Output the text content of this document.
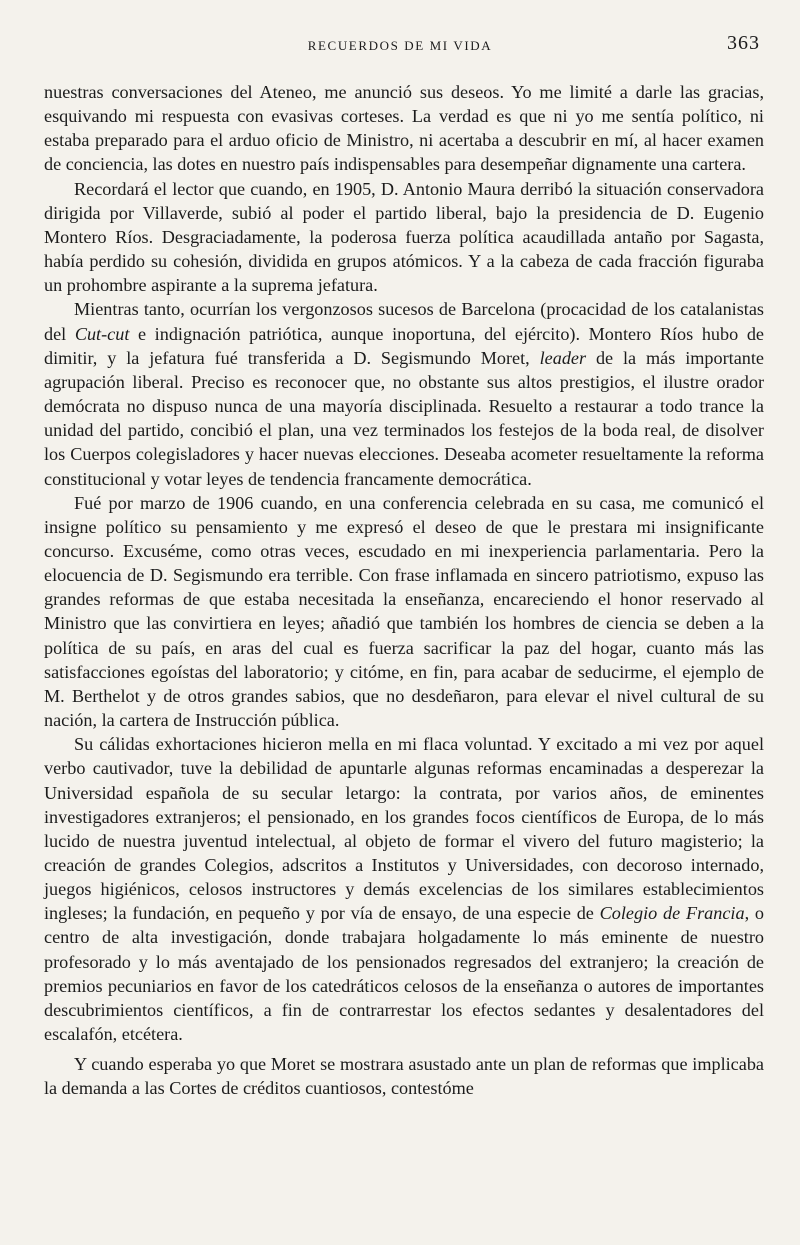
RECUERDOS DE MI VIDA	363

nuestras conversaciones del Ateneo, me anunció sus deseos. Yo me limité a darle las gracias, esquivando mi respuesta con evasivas corteses. La verdad es que ni yo me sentía político, ni estaba preparado para el arduo oficio de Ministro, ni acertaba a descubrir en mí, al hacer examen de conciencia, las dotes en nuestro país indispensables para desempeñar dignamente una cartera.

Recordará el lector que cuando, en 1905, D. Antonio Maura derribó la situación conservadora dirigida por Villaverde, subió al poder el partido liberal, bajo la presidencia de D. Eugenio Montero Ríos. Desgraciadamente, la poderosa fuerza política acaudillada antaño por Sagasta, había perdido su cohesión, dividida en grupos atómicos. Y a la cabeza de cada fracción figuraba un prohombre aspirante a la suprema jefatura.

Mientras tanto, ocurrían los vergonzosos sucesos de Barcelona (procacidad de los catalanistas del Cut-cut e indignación patriótica, aunque inoportuna, del ejército). Montero Ríos hubo de dimitir, y la jefatura fué transferida a D. Segismundo Moret, leader de la más importante agrupación liberal. Preciso es reconocer que, no obstante sus altos prestigios, el ilustre orador demócrata no dispuso nunca de una mayoría disciplinada. Resuelto a restaurar a todo trance la unidad del partido, concibió el plan, una vez terminados los festejos de la boda real, de disolver los Cuerpos colegisladores y hacer nuevas elecciones. Deseaba acometer resueltamente la reforma constitucional y votar leyes de tendencia francamente democrática.

Fué por marzo de 1906 cuando, en una conferencia celebrada en su casa, me comunicó el insigne político su pensamiento y me expresó el deseo de que le prestara mi insignificante concurso. Excuséme, como otras veces, escudado en mi inexperiencia parlamentaria. Pero la elocuencia de D. Segismundo era terrible. Con frase inflamada en sincero patriotismo, expuso las grandes reformas de que estaba necesitada la enseñanza, encareciendo el honor reservado al Ministro que las convirtiera en leyes; añadió que también los hombres de ciencia se deben a la política de su país, en aras del cual es fuerza sacrificar la paz del hogar, cuanto más las satisfacciones egoístas del laboratorio; y citóme, en fin, para acabar de seducirme, el ejemplo de M. Berthelot y de otros grandes sabios, que no desdeñaron, para elevar el nivel cultural de su nación, la cartera de Instrucción pública.

Su cálidas exhortaciones hicieron mella en mi flaca voluntad. Y excitado a mi vez por aquel verbo cautivador, tuve la debilidad de apuntarle algunas reformas encaminadas a desperezar la Universidad española de su secular letargo: la contrata, por varios años, de eminentes investigadores extranjeros; el pensionado, en los grandes focos científicos de Europa, de lo más lucido de nuestra juventud intelectual, al objeto de formar el vivero del futuro magisterio; la creación de grandes Colegios, adscritos a Institutos y Universidades, con decoroso internado, juegos higiénicos, celosos instructores y demás excelencias de los similares establecimientos ingleses; la fundación, en pequeño y por vía de ensayo, de una especie de Colegio de Francia, o centro de alta investigación, donde trabajara holgadamente lo más eminente de nuestro profesorado y lo más aventajado de los pensionados regresados del extranjero; la creación de premios pecuniarios en favor de los catedráticos celosos de la enseñanza o autores de importantes descubrimientos científicos, a fin de contrarrestar los efectos sedantes y desalentadores del escalafón, etcétera.

Y cuando esperaba yo que Moret se mostrara asustado ante un plan de reformas que implicaba la demanda a las Cortes de créditos cuantiosos, contestóme
